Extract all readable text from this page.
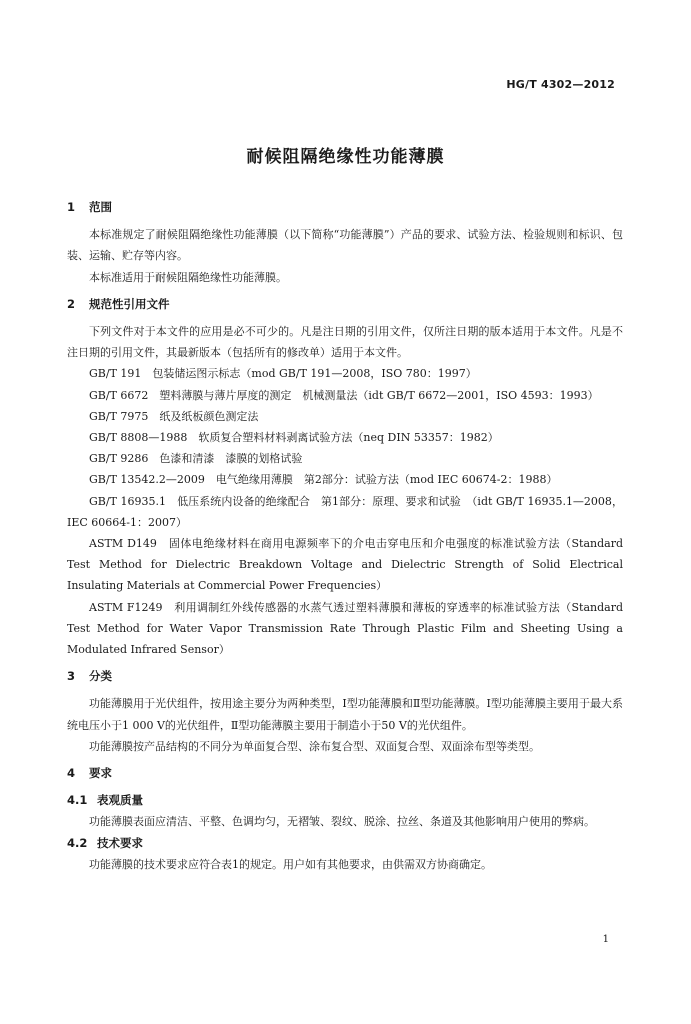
HG/T 4302—2012
耐候阻隔绝缘性功能薄膜
1 范围

本标准规定了耐候阻隔绝缘性功能薄膜（以下简称“功能薄膜”）产品的要求、试验方法、检验规则和标识、包装、运输、贮存等内容。

本标准适用于耐候阻隔绝缘性功能薄膜。

2 规范性引用文件

下列文件对于本文件的应用是必不可少的。凡是注日期的引用文件，仅所注日期的版本适用于本文件。凡是不注日期的引用文件，其最新版本（包括所有的修改单）适用于本文件。

GB/T 191　包装储运图示标志（mod GB/T 191—2008，ISO 780：1997）

GB/T 6672　塑料薄膜与薄片厚度的测定　机械测量法（idt GB/T 6672—2001，ISO 4593：1993）

GB/T 7975　纸及纸板颜色测定法

GB/T 8808—1988　软质复合塑料材料剥离试验方法（neq DIN 53357：1982）

GB/T 9286　色漆和清漆　漆膜的划格试验

GB/T 13542.2—2009　电气绝缘用薄膜　第2部分：试验方法（mod IEC 60674-2：1988）

GB/T 16935.1　低压系统内设备的绝缘配合　第1部分：原理、要求和试验　（idt GB/T 16935.1—2008，IEC 60664-1：2007）

ASTM D149　固体电绝缘材料在商用电源频率下的介电击穿电压和介电强度的标准试验方法（Standard Test Method for Dielectric Breakdown Voltage and Dielectric Strength of Solid Electrical Insulating Materials at Commercial Power Frequencies）

ASTM F1249　利用调制红外线传感器的水蒸气透过塑料薄膜和薄板的穿透率的标准试验方法（Standard Test Method for Water Vapor Transmission Rate Through Plastic Film and Sheeting Using a Modulated Infrared Sensor）

3 分类

功能薄膜用于光伏组件，按用途主要分为两种类型，Ⅰ型功能薄膜和Ⅱ型功能薄膜。Ⅰ型功能薄膜主要用于最大系统电压小于1 000 V的光伏组件，Ⅱ型功能薄膜主要用于制造小于50 V的光伏组件。

功能薄膜按产品结构的不同分为单面复合型、涂布复合型、双面复合型、双面涂布型等类型。

4 要求
4.1 表观质量

功能薄膜表面应清洁、平整、色调均匀，无褶皱、裂纹、脱涂、拉丝、条道及其他影响用户使用的弊病。

4.2 技术要求

功能薄膜的技术要求应符合表1的规定。用户如有其他要求，由供需双方协商确定。

1
